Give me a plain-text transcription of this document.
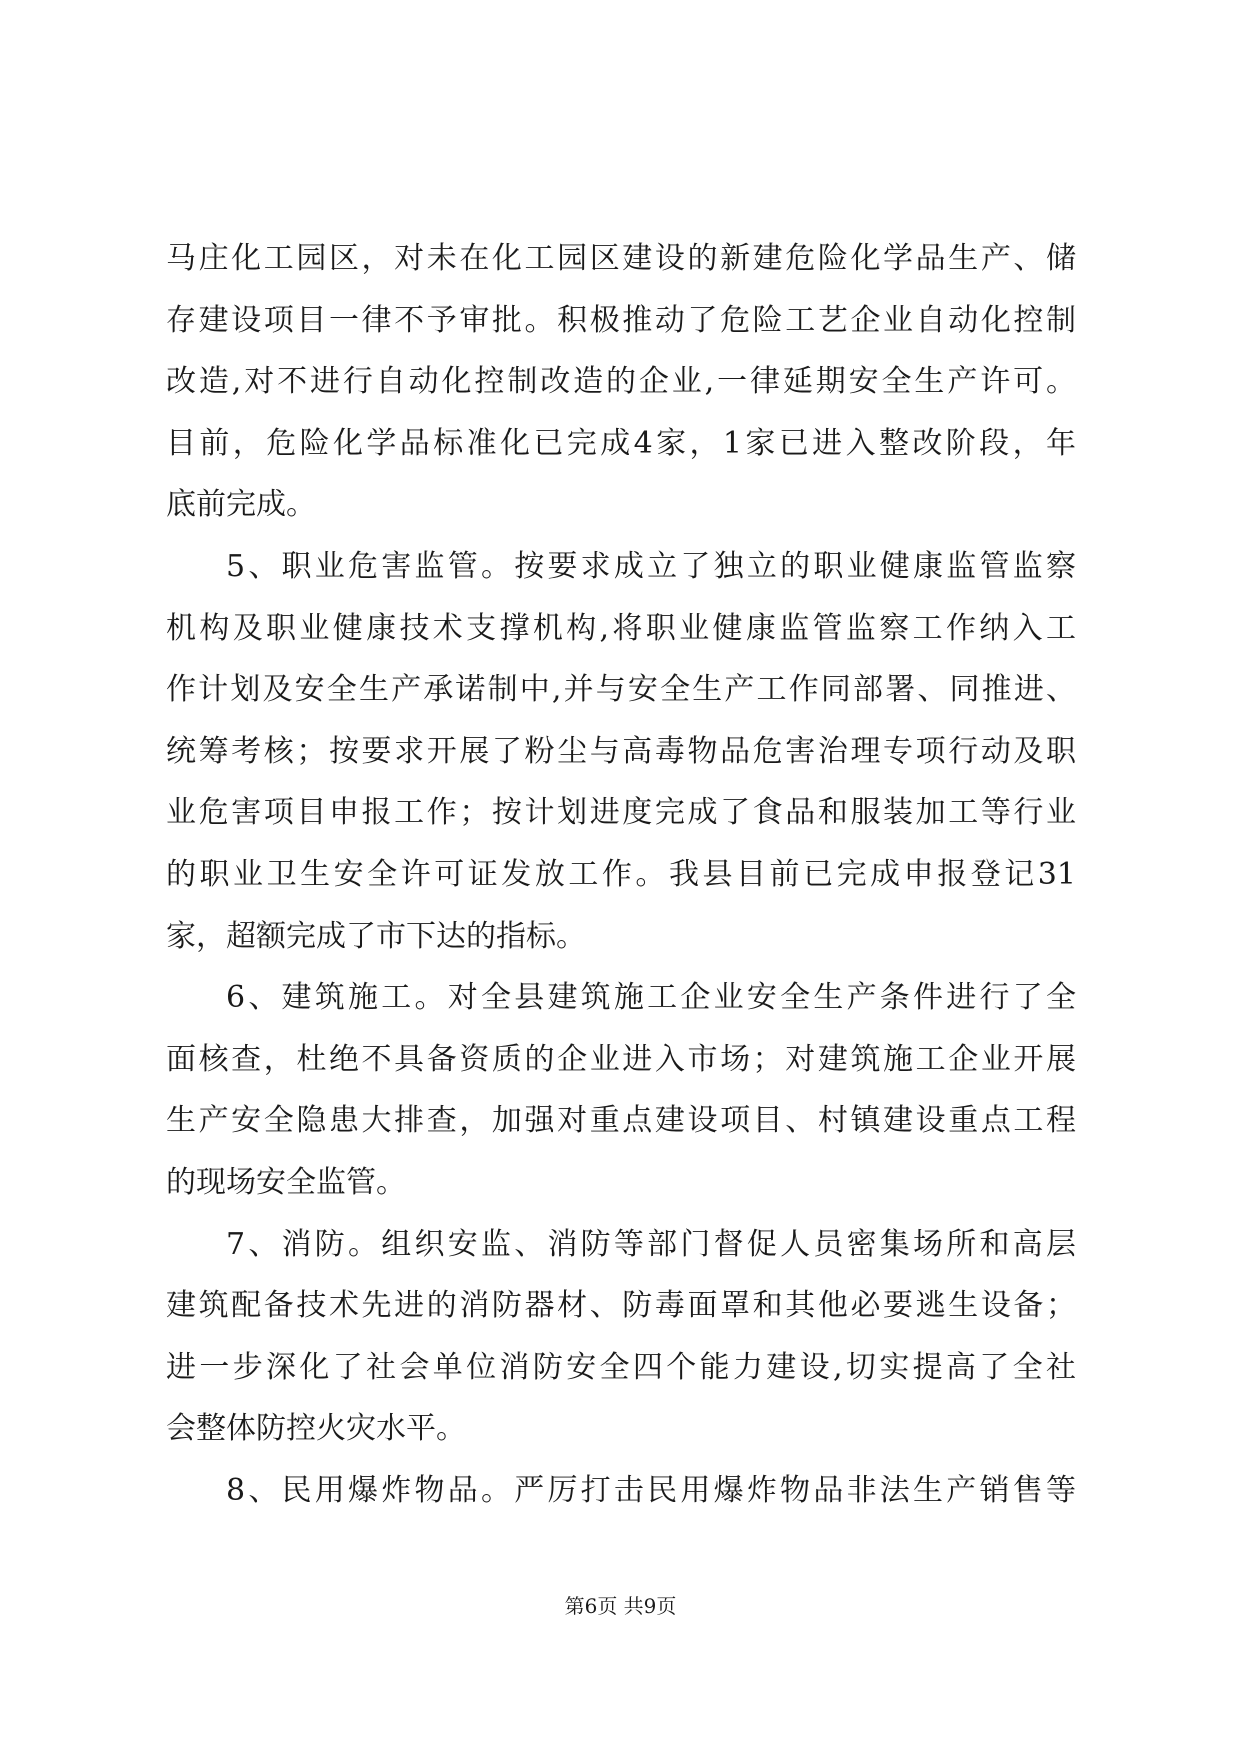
马庄化工园区，对未在化工园区建设的新建危险化学品生产、储
存建设项目一律不予审批。积极推动了危险工艺企业自动化控制
改造,对不进行自动化控制改造的企业,一律延期安全生产许可。
目前，危险化学品标准化已完成4家，1家已进入整改阶段，年
底前完成。
5、职业危害监管。按要求成立了独立的职业健康监管监察
机构及职业健康技术支撑机构,将职业健康监管监察工作纳入工
作计划及安全生产承诺制中,并与安全生产工作同部署、同推进、
统筹考核；按要求开展了粉尘与高毒物品危害治理专项行动及职
业危害项目申报工作；按计划进度完成了食品和服装加工等行业
的职业卫生安全许可证发放工作。我县目前已完成申报登记31
家，超额完成了市下达的指标。
6、建筑施工。对全县建筑施工企业安全生产条件进行了全
面核查，杜绝不具备资质的企业进入市场；对建筑施工企业开展
生产安全隐患大排查，加强对重点建设项目、村镇建设重点工程
的现场安全监管。
7、消防。组织安监、消防等部门督促人员密集场所和高层
建筑配备技术先进的消防器材、防毒面罩和其他必要逃生设备；
进一步深化了社会单位消防安全四个能力建设,切实提高了全社
会整体防控火灾水平。
8、民用爆炸物品。严厉打击民用爆炸物品非法生产销售等
第6页 共9页
